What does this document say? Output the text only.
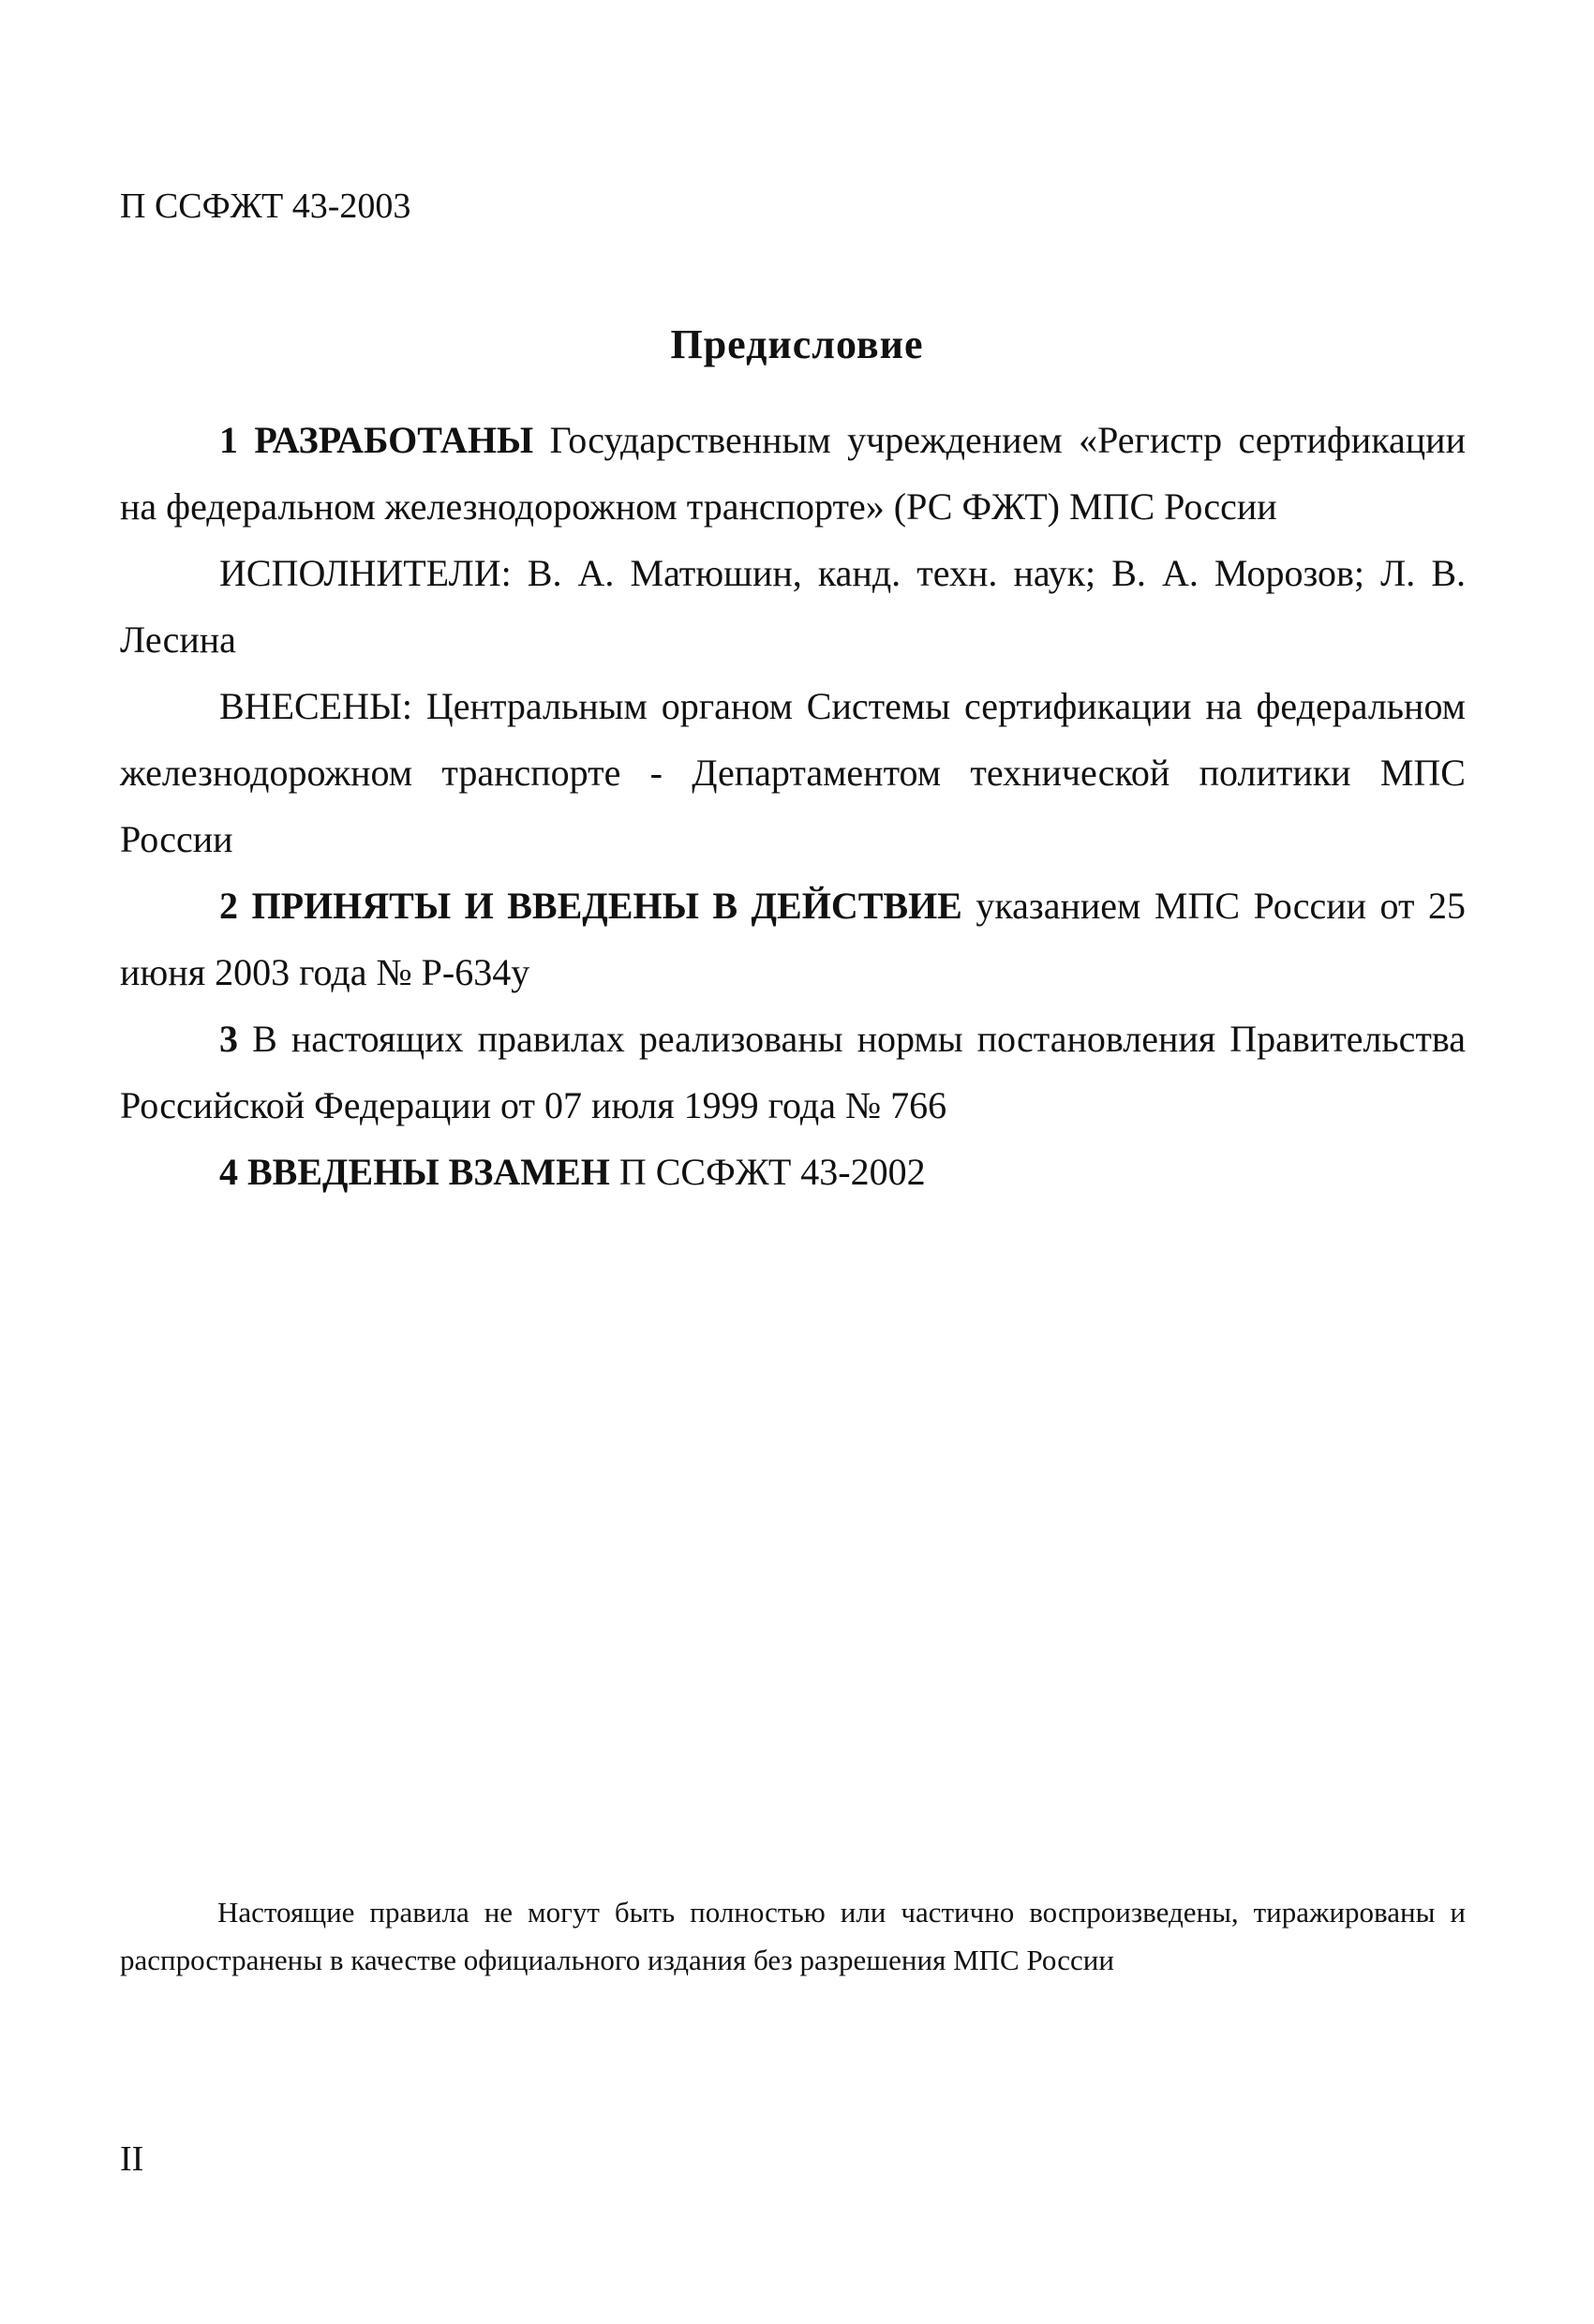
П ССФЖТ 43-2003
Предисловие

1 РАЗРАБОТАНЫ Государственным учреждением «Регистр сертификации на федеральном железнодорожном транспорте» (РС ФЖТ) МПС России

ИСПОЛНИТЕЛИ: В. А. Матюшин, канд. техн. наук; В. А. Морозов; Л. В. Лесина

ВНЕСЕНЫ: Центральным органом Системы сертификации на федеральном железнодорожном транспорте - Департаментом технической политики МПС России

2 ПРИНЯТЫ И ВВЕДЕНЫ В ДЕЙСТВИЕ указанием МПС России от 25 июня 2003 года № Р-634у

3 В настоящих правилах реализованы нормы постановления Правительства Российской Федерации от 07 июля 1999 года № 766

4 ВВЕДЕНЫ ВЗАМЕН П ССФЖТ 43-2002

Настоящие правила не могут быть полностью или частично воспроизведены, тиражированы и распространены в качестве официального издания без разрешения МПС России
II
